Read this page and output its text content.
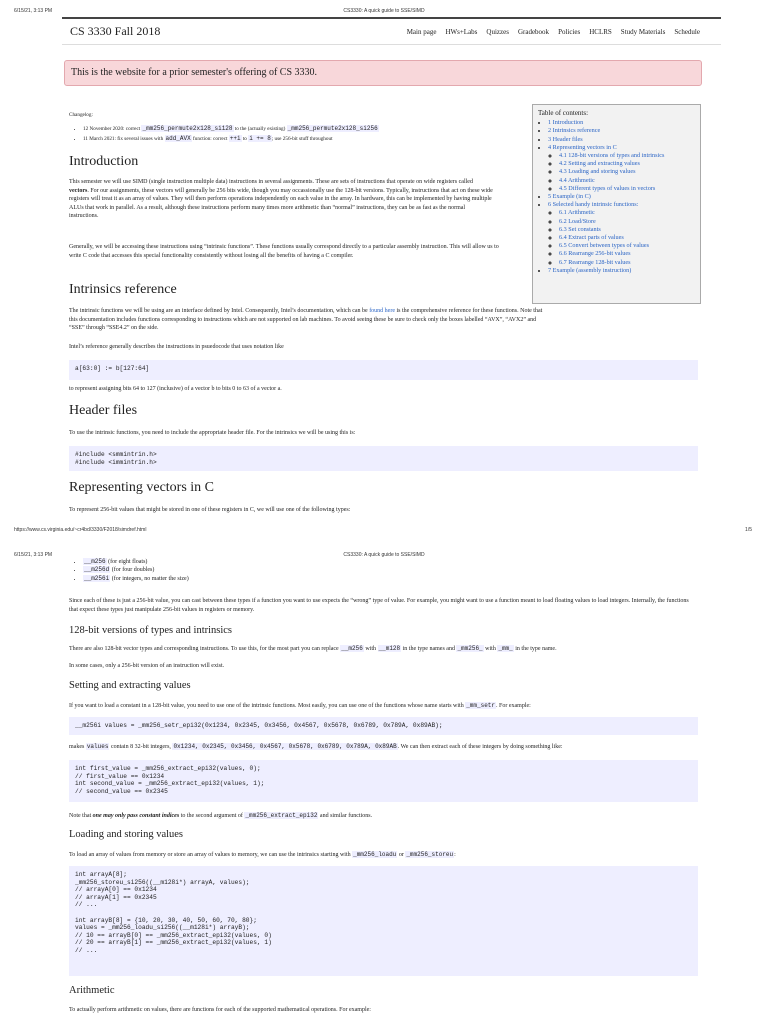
6/15/21, 3:13 PM	CS3330: A quick guide to SSE/SIMD
CS 3330 Fall 2018	Main page HWs+Labs Quizzes Gradebook Policies HCLRS Study Materials Schedule
This is the website for a prior semester's offering of CS 3330.
Changelog:
• 12 November 2020: correct _mm256_permute2x128_si128 to the (actually existing) _mm256_permute2x128_si256
• 11 March 2021: fix several issues with add_AVX function: correct ++i to i += 8; use 256-bit stuff throughout
Table of contents:
• 1 Introduction
• 2 Intrinsics reference
• 3 Header files
• 4 Representing vectors in C
◦ 4.1 128-bit versions of types and intrinsics
◦ 4.2 Setting and extracting values
◦ 4.3 Loading and storing values
◦ 4.4 Arithmetic
◦ 4.5 Different types of values in vectors
• 5 Example (in C)
• 6 Selected handy intrinsic functions:
◦ 6.1 Arithmetic
◦ 6.2 Load/Store
◦ 6.3 Set constants
◦ 6.4 Extract parts of values
◦ 6.5 Convert between types of values
◦ 6.6 Rearrange 256-bit values
◦ 6.7 Rearrange 128-bit values
• 7 Example (assembly instruction)
Introduction
This semester we will use SIMD (single instruction multiple data) instructions in several assignments. These are sets of instructions that operate on wide registers called vectors. For our assignments, these vectors will generally be 256 bits wide, though you may occassionally use the 128-bit versions. Typically, instructions that act on these wide registers will treat it as an array of values. They will then perform operations independently on each value in the array. In hardware, this can be implemented by having multiple ALUs that work in parallel. As a result, although these instructions perform many times more arithmetic than “normal” instructions, they can be as fast as the normal instructions.
Generally, we will be accessing these instructions using “intrinsic functions”. These functions usually correspond directly to a particular assembly instruction. This will allow us to write C code that accesses this special functionality consistently without losing all the benefits of having a C compiler.
Intrinsics reference
The intrinsic functions we will be using are an interface defined by Intel. Consequently, Intel’s documentation, which can be found here is the comprehensive reference for these functions. Note that this documentation includes functions corresponding to instructions which are not supported on lab machines. To avoid seeing these be sure to check only the boxes labelled “AVX”, “AVX2” and “SSE” through “SSE4.2” on the side.
Intel’s reference generally describes the instructions in psuedocode that uses notation like
a[63:0] := b[127:64]
to represent assigning bits 64 to 127 (inclusive) of a vector b to bits 0 to 63 of a vector a.
Header files
To use the intrinsic functions, you need to include the appropriate header file. For the intrinsics we will be using this is:
#include <smmintrin.h>
#include <immintrin.h>
Representing vectors in C
To represent 256-bit values that might be stored in one of these registers in C, we will use one of the following types:
https://www.cs.virginia.edu/~cr4bd/3330/F2018/simdref.html	1/5
6/15/21, 3:13 PM	CS3330: A quick guide to SSE/SIMD
• __m256 (for eight floats)
• __m256d (for four doubles)
• __m256i (for integers, no matter the size)
Since each of these is just a 256-bit value, you can cast between these types if a function you want to use expects the “wrong” type of value. For example, you might want to use a function meant to load floating values to load integers. Internally, the functions that expect these types just manipulate 256-bit values in registers or memory.
128-bit versions of types and intrinsics
There are also 128-bit vector types and corresponding instructions. To use this, for the most part you can replace __m256 with __m128 in the type names and _mm256_ with _mm_ in the type name.
In some cases, only a 256-bit version of an instruction will exist.
Setting and extracting values
If you want to load a constant in a 128-bit value, you need to use one of the intrinsic functions. Most easily, you can use one of the functions whose name starts with _mm_setr. For example:
__m256i values = _mm256_setr_epi32(0x1234, 0x2345, 0x3456, 0x4567, 0x5678, 0x6789, 0x789A, 0x89AB);
makes values contain 8 32-bit integers, 0x1234, 0x2345, 0x3456, 0x4567, 0x5678, 0x6789, 0x789A, 0x89AB. We can then extract each of these integers by doing something like:
int first_value = _mm256_extract_epi32(values, 0);
// first_value == 0x1234
int second_value = _mm256_extract_epi32(values, 1);
// second_value == 0x2345
Note that one may only pass constant indices to the second argument of _mm256_extract_epi32 and similar functions.
Loading and storing values
To load an array of values from memory or store an array of values to memory, we can use the intrinsics starting with _mm256_loadu or _mm256_storeu:
int arrayA[8];
_mm256_storeu_si256((__m128i*) arrayA, values);
// arrayA[0] == 0x1234
// arrayA[1] == 0x2345
// ...

int arrayB[8] = {10, 20, 30, 40, 50, 60, 70, 80};
values = _mm256_loadu_si256((__m128i*) arrayB);
// 10 == arrayB[0] == _mm256_extract_epi32(values, 0)
// 20 == arrayB[1] == _mm256_extract_epi32(values, 1)
// ...
Arithmetic
To actually perform arithmetic on values, there are functions for each of the supported mathematical operations. For example:
